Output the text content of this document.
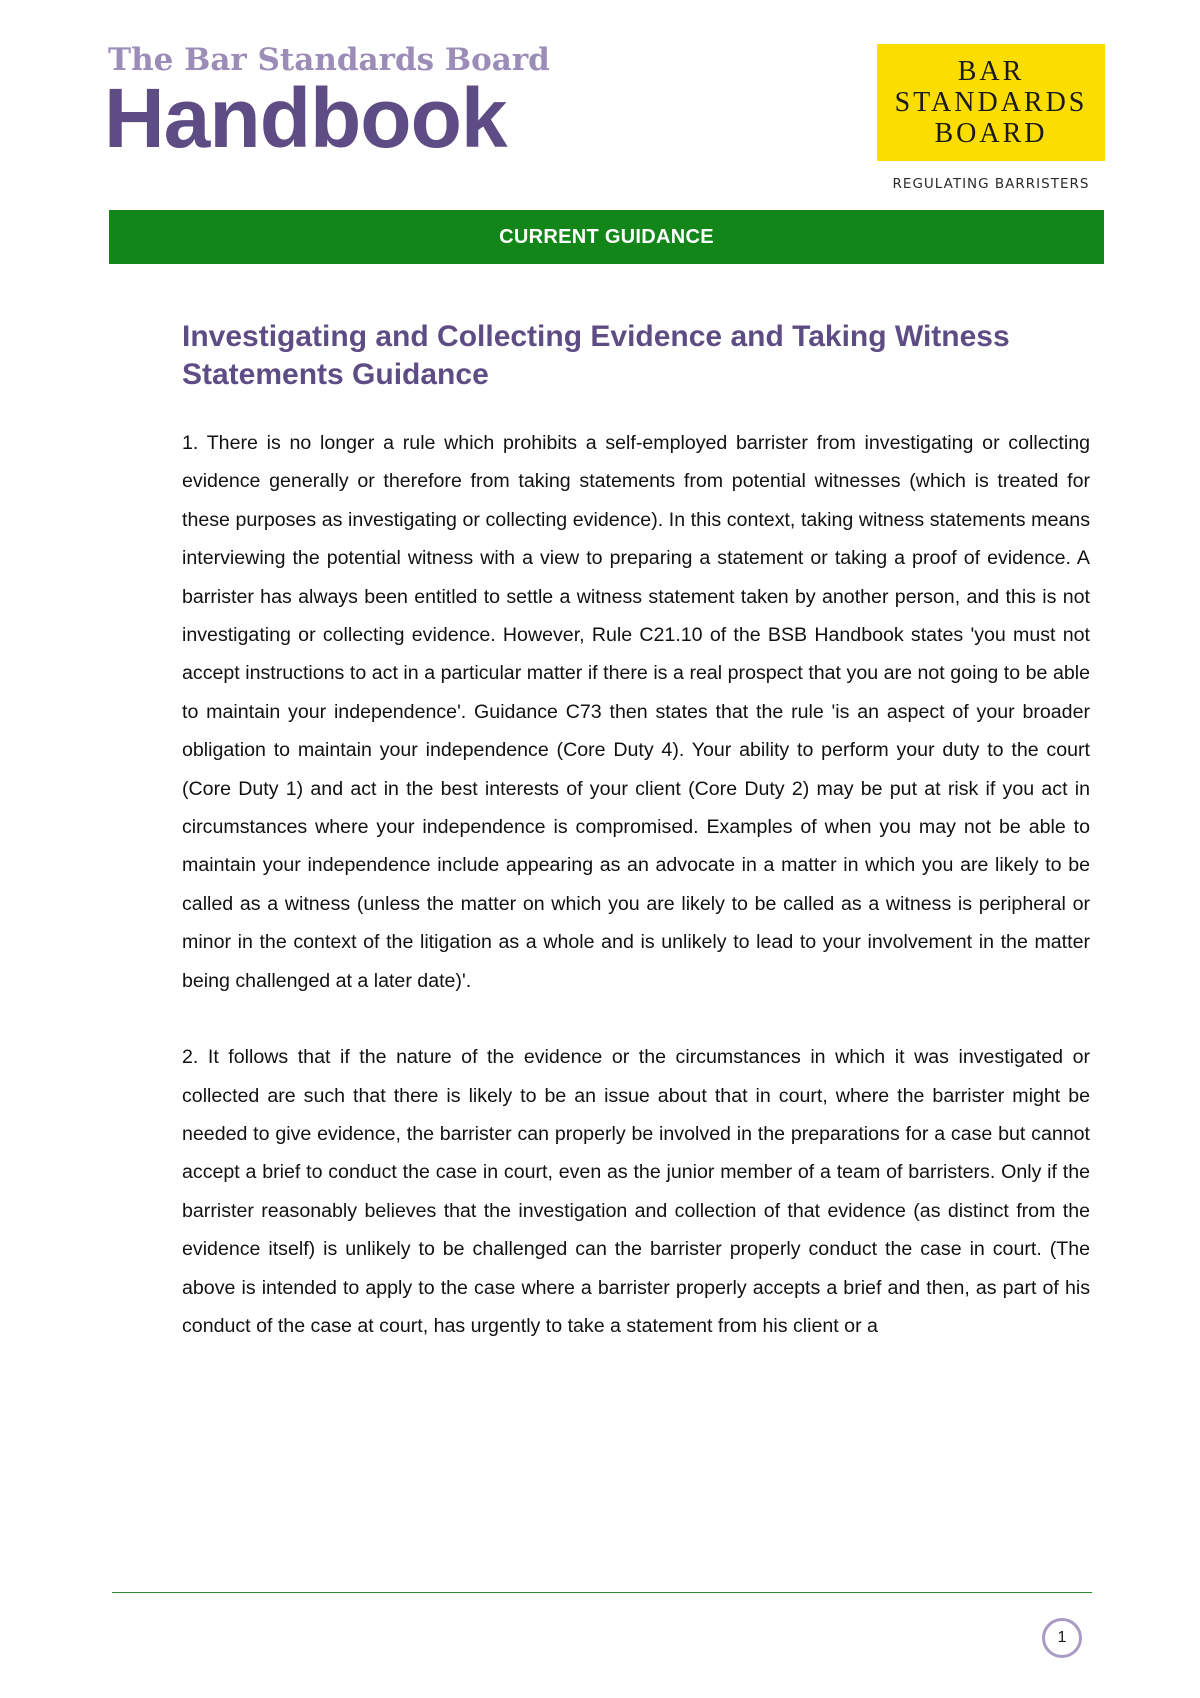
The Bar Standards Board
Handbook	BAR
STANDARDS
BOARD
REGULATING BARRISTERS
CURRENT GUIDANCE
Investigating and Collecting Evidence and Taking Witness Statements Guidance

1. There is no longer a rule which prohibits a self-employed barrister from investigating or collecting evidence generally or therefore from taking statements from potential witnesses (which is treated for these purposes as investigating or collecting evidence). In this context, taking witness statements means interviewing the potential witness with a view to preparing a statement or taking a proof of evidence. A barrister has always been entitled to settle a witness statement taken by another person, and this is not investigating or collecting evidence. However, Rule C21.10 of the BSB Handbook states 'you must not accept instructions to act in a particular matter if there is a real prospect that you are not going to be able to maintain your independence'. Guidance C73 then states that the rule 'is an aspect of your broader obligation to maintain your independence (Core Duty 4). Your ability to perform your duty to the court (Core Duty 1) and act in the best interests of your client (Core Duty 2) may be put at risk if you act in circumstances where your independence is compromised. Examples of when you may not be able to maintain your independence include appearing as an advocate in a matter in which you are likely to be called as a witness (unless the matter on which you are likely to be called as a witness is peripheral or minor in the context of the litigation as a whole and is unlikely to lead to your involvement in the matter being challenged at a later date)'.

2. It follows that if the nature of the evidence or the circumstances in which it was investigated or collected are such that there is likely to be an issue about that in court, where the barrister might be needed to give evidence, the barrister can properly be involved in the preparations for a case but cannot accept a brief to conduct the case in court, even as the junior member of a team of barristers. Only if the barrister reasonably believes that the investigation and collection of that evidence (as distinct from the evidence itself) is unlikely to be challenged can the barrister properly conduct the case in court. (The above is intended to apply to the case where a barrister properly accepts a brief and then, as part of his conduct of the case at court, has urgently to take a statement from his client or a

1
